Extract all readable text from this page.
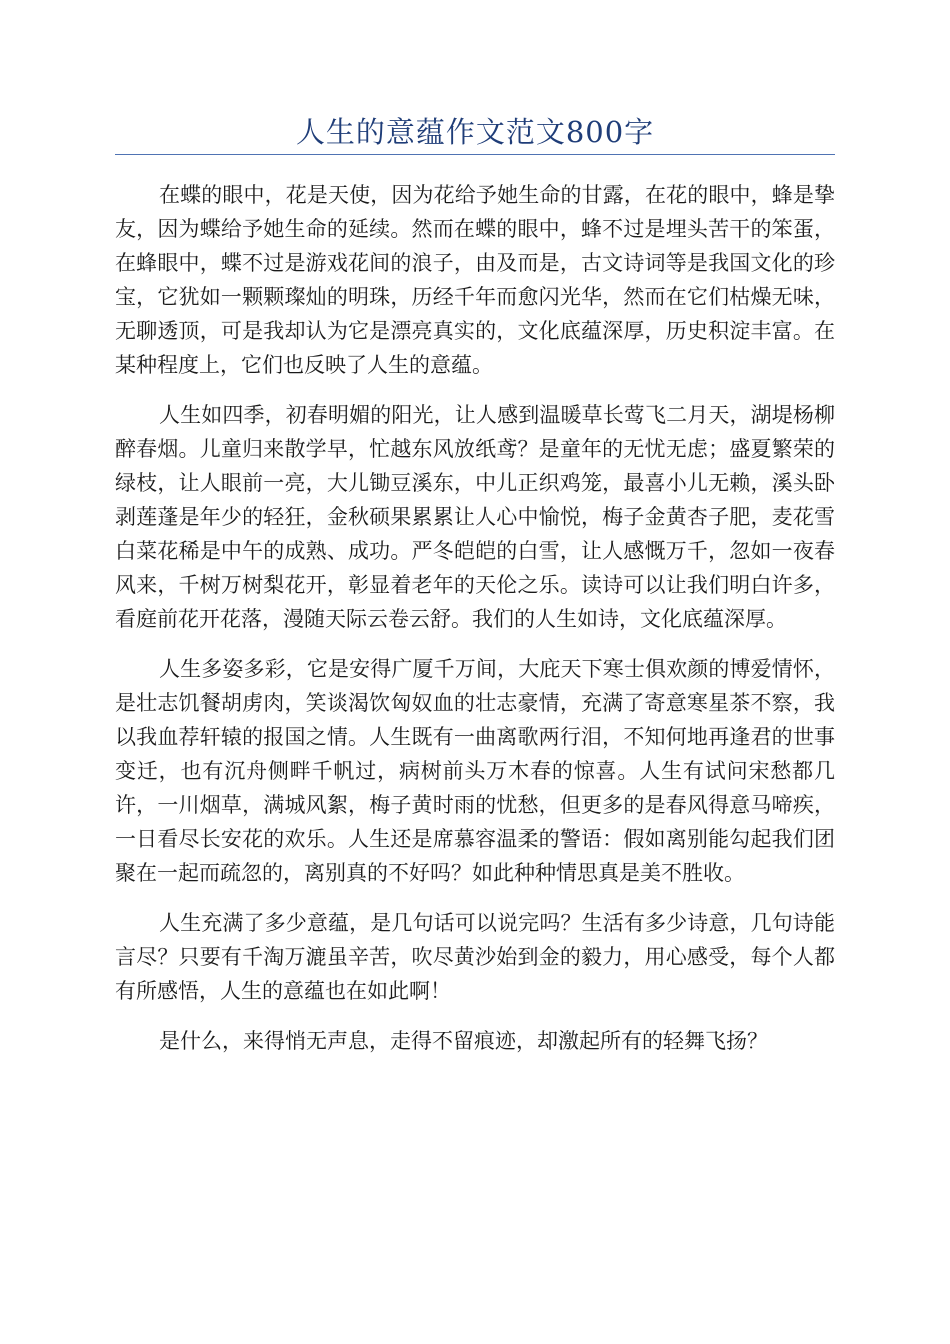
人生的意蕴作文范文800字

在蝶的眼中，花是天使，因为花给予她生命的甘露，在花的眼中，蜂是挚友，因为蝶给予她生命的延续。然而在蝶的眼中，蜂不过是埋头苦干的笨蛋，在蜂眼中，蝶不过是游戏花间的浪子，由及而是，古文诗词等是我国文化的珍宝，它犹如一颗颗璨灿的明珠，历经千年而愈闪光华，然而在它们枯燥无味，无聊透顶，可是我却认为它是漂亮真实的，文化底蕴深厚，历史积淀丰富。在某种程度上，它们也反映了人生的意蕴。

人生如四季，初春明媚的阳光，让人感到温暖草长莺飞二月天，湖堤杨柳醉春烟。儿童归来散学早，忙越东风放纸鸢？是童年的无忧无虑；盛夏繁荣的绿枝，让人眼前一亮，大儿锄豆溪东，中儿正织鸡笼，最喜小儿无赖，溪头卧剥莲蓬是年少的轻狂，金秋硕果累累让人心中愉悦，梅子金黄杏子肥，麦花雪白菜花稀是中午的成熟、成功。严冬皑皑的白雪，让人感慨万千，忽如一夜春风来，千树万树梨花开，彰显着老年的天伦之乐。读诗可以让我们明白许多，看庭前花开花落，漫随天际云卷云舒。我们的人生如诗，文化底蕴深厚。

人生多姿多彩，它是安得广厦千万间，大庇天下寒士俱欢颜的博爱情怀，是壮志饥餐胡虏肉，笑谈渴饮匈奴血的壮志豪情，充满了寄意寒星茶不察，我以我血荐轩辕的报国之情。人生既有一曲离歌两行泪，不知何地再逢君的世事变迁，也有沉舟侧畔千帆过，病树前头万木春的惊喜。人生有试问宋愁都几许，一川烟草，满城风絮，梅子黄时雨的忧愁，但更多的是春风得意马啼疾，一日看尽长安花的欢乐。人生还是席慕容温柔的警语：假如离别能勾起我们团聚在一起而疏忽的，离别真的不好吗？如此种种情思真是美不胜收。

人生充满了多少意蕴，是几句话可以说完吗？生活有多少诗意，几句诗能言尽？只要有千淘万漉虽辛苦，吹尽黄沙始到金的毅力，用心感受，每个人都有所感悟，人生的意蕴也在如此啊！

是什么，来得悄无声息，走得不留痕迹，却激起所有的轻舞飞扬？
